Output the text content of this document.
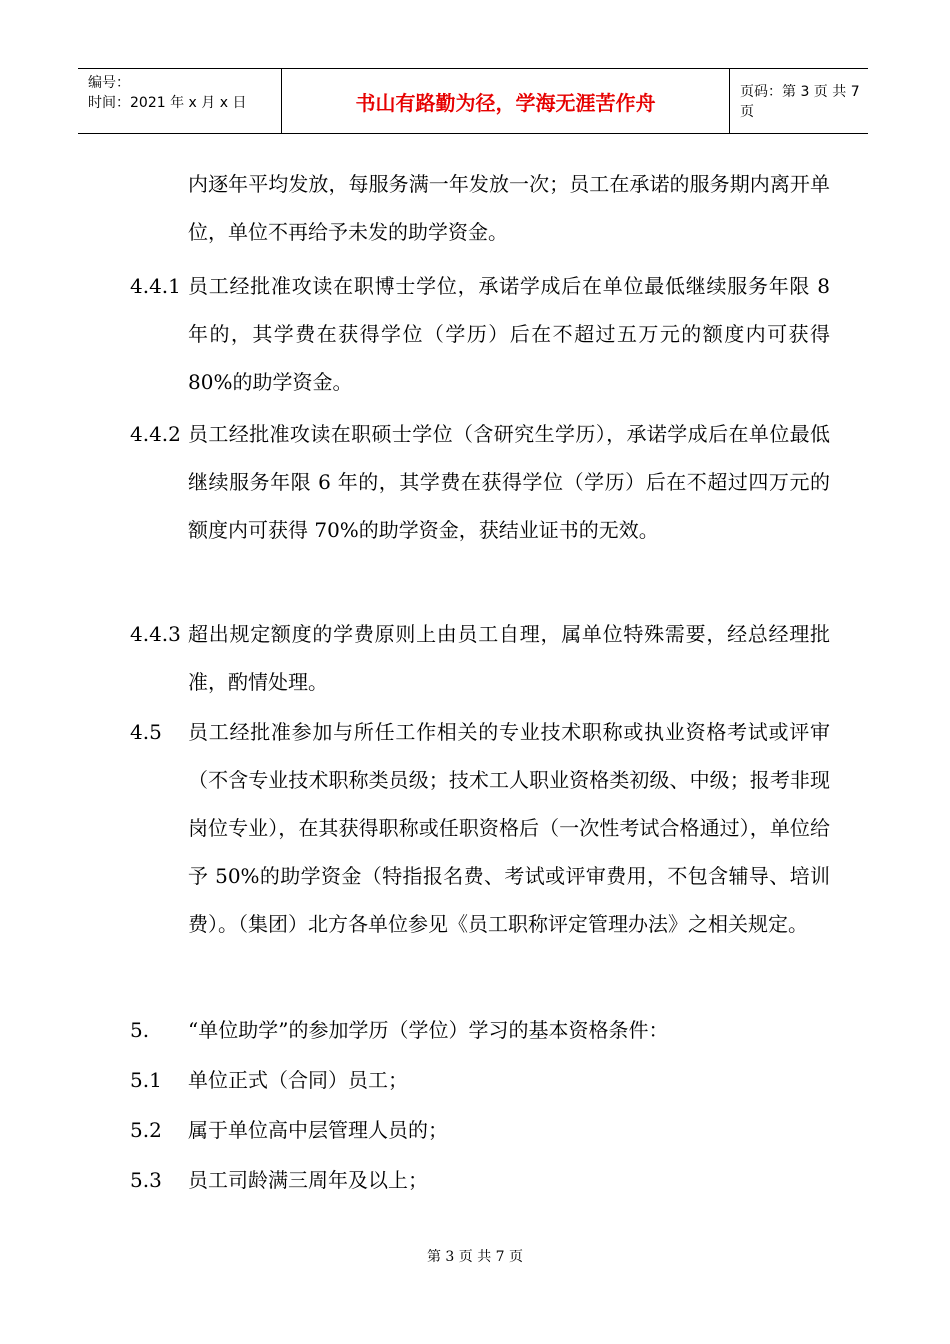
编号：
时间：2021 年 x 月 x 日	书山有路勤为径，学海无涯苦作舟	页码：第 3 页 共 7 页
内逐年平均发放，每服务满一年发放一次；员工在承诺的服务期内离开单位，单位不再给予未发的助学资金。
4.4.1 员工经批准攻读在职博士学位，承诺学成后在单位最低继续服务年限 8 年的，其学费在获得学位（学历）后在不超过五万元的额度内可获得 80%的助学资金。
4.4.2 员工经批准攻读在职硕士学位（含研究生学历），承诺学成后在单位最低继续服务年限 6 年的，其学费在获得学位（学历）后在不超过四万元的额度内可获得 70%的助学资金，获结业证书的无效。
4.4.3 超出规定额度的学费原则上由员工自理，属单位特殊需要，经总经理批准，酌情处理。
4.5 员工经批准参加与所任工作相关的专业技术职称或执业资格考试或评审（不含专业技术职称类员级；技术工人职业资格类初级、中级；报考非现岗位专业），在其获得职称或任职资格后（一次性考试合格通过），单位给予 50%的助学资金（特指报名费、考试或评审费用，不包含辅导、培训费）。（集团）北方各单位参见《员工职称评定管理办法》之相关规定。
5. “单位助学”的参加学历（学位）学习的基本资格条件：
5.1 单位正式（合同）员工；
5.2 属于单位高中层管理人员的；
5.3 员工司龄满三周年及以上；
第 3 页 共 7 页
